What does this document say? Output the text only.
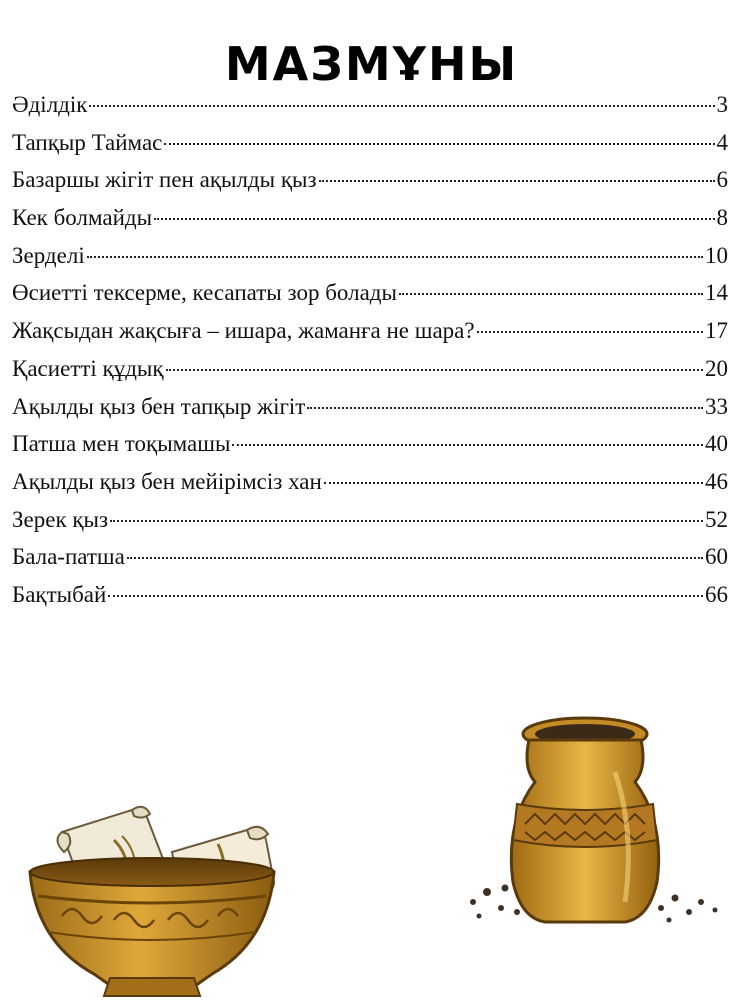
МАЗМҰНЫ
Әділдік	3
Тапқыр Таймас	4
Базаршы жігіт пен ақылды қыз	6
Кек болмайды	8
Зерделі	10
Өсиетті тексерме, кесапаты зор болады	14
Жақсыдан жақсыға – ишара, жаманға не шара?	17
Қасиетті құдық	20
Ақылды қыз бен тапқыр жігіт	33
Патша мен тоқымашы	40
Ақылды қыз бен мейірімсіз хан	46
Зерек қыз	52
Бала-патша	60
Бақтыбай	66
